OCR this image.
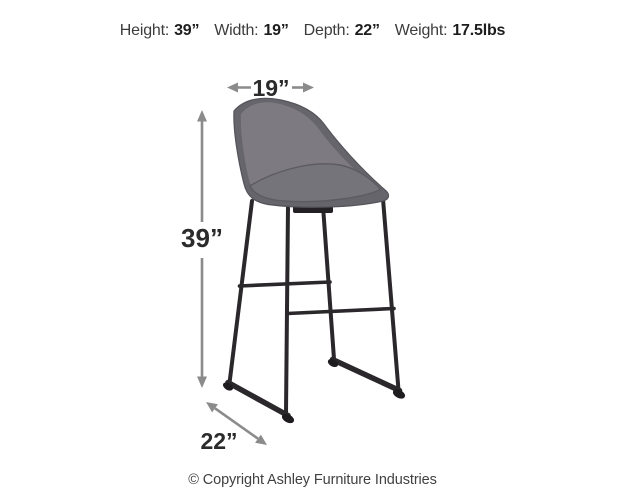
Height: 39” Width: 19” Depth: 22” Weight: 17.5lbs
19”
39”
22”
© Copyright Ashley Furniture Industries
